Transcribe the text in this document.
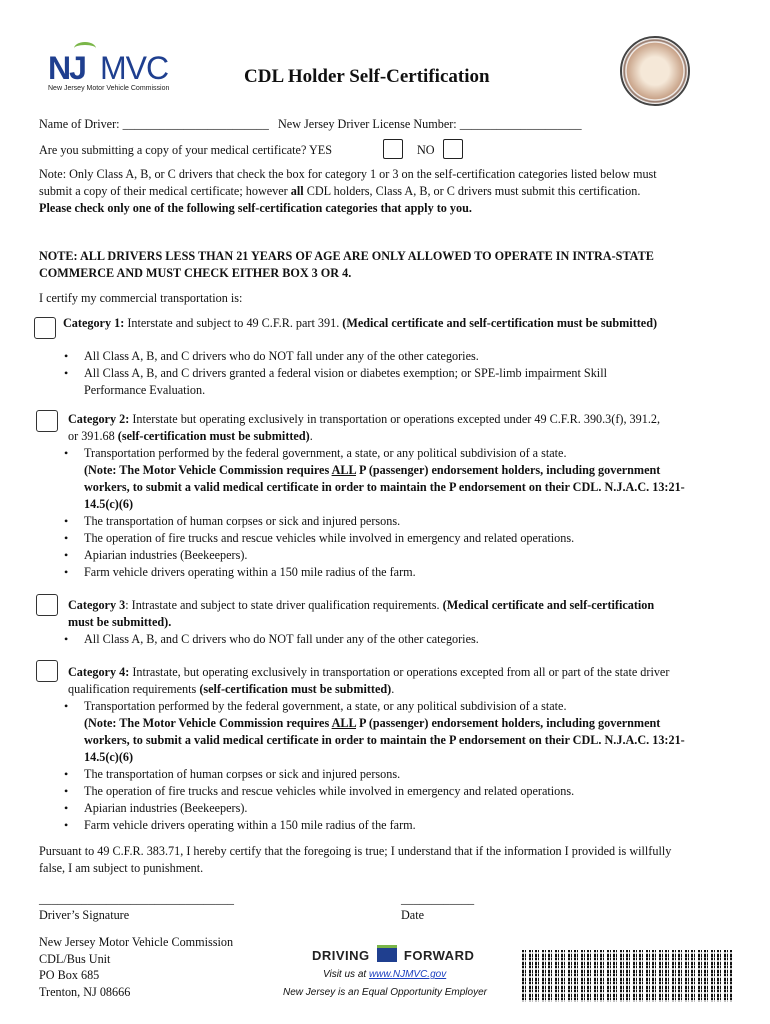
NJ MVC
New Jersey Motor Vehicle Commission
CDL Holder Self-Certification
Name of Driver: ________________________ New Jersey Driver License Number: ____________________
Are you submitting a copy of your medical certificate? YES	NO
Note: Only Class A, B, or C drivers that check the box for category 1 or 3 on the self-certification categories listed below must submit a copy of their medical certificate; however all CDL holders, Class A, B, or C drivers must submit this certification.
Please check only one of the following self-certification categories that apply to you.
NOTE: ALL DRIVERS LESS THAN 21 YEARS OF AGE ARE ONLY ALLOWED TO OPERATE IN INTRA-STATE COMMERCE AND MUST CHECK EITHER BOX 3 OR 4.
I certify my commercial transportation is:
Category 1: Interstate and subject to 49 C.F.R. part 391. (Medical certificate and self-certification must be submitted)
• All Class A, B, and C drivers who do NOT fall under any of the other categories.
• All Class A, B, and C drivers granted a federal vision or diabetes exemption; or SPE-limb impairment Skill Performance Evaluation.
Category 2: Interstate but operating exclusively in transportation or operations excepted under 49 C.F.R. 390.3(f), 391.2, or 391.68 (self-certification must be submitted).
• Transportation performed by the federal government, a state, or any political subdivision of a state.
(Note: The Motor Vehicle Commission requires ALL P (passenger) endorsement holders, including government workers, to submit a valid medical certificate in order to maintain the P endorsement on their CDL. N.J.A.C. 13:21-14.5(c)(6)
• The transportation of human corpses or sick and injured persons.
• The operation of fire trucks and rescue vehicles while involved in emergency and related operations.
• Apiarian industries (Beekeepers).
• Farm vehicle drivers operating within a 150 mile radius of the farm.
Category 3: Intrastate and subject to state driver qualification requirements. (Medical certificate and self-certification must be submitted).
• All Class A, B, and C drivers who do NOT fall under any of the other categories.
Category 4: Intrastate, but operating exclusively in transportation or operations excepted from all or part of the state driver qualification requirements (self-certification must be submitted).
• Transportation performed by the federal government, a state, or any political subdivision of a state.
(Note: The Motor Vehicle Commission requires ALL P (passenger) endorsement holders, including government workers, to submit a valid medical certificate in order to maintain the P endorsement on their CDL. N.J.A.C. 13:21-14.5(c)(6)
• The transportation of human corpses or sick and injured persons.
• The operation of fire trucks and rescue vehicles while involved in emergency and related operations.
• Apiarian industries (Beekeepers).
• Farm vehicle drivers operating within a 150 mile radius of the farm.
Pursuant to 49 C.F.R. 383.71, I hereby certify that the foregoing is true; I understand that if the information I provided is willfully false, I am subject to punishment.
________________________________
Driver’s Signature
____________
Date
New Jersey Motor Vehicle Commission
CDL/Bus Unit
PO Box 685
Trenton, NJ 08666
DRIVING	FORWARD
Visit us at www.NJMVC.gov
New Jersey is an Equal Opportunity Employer
